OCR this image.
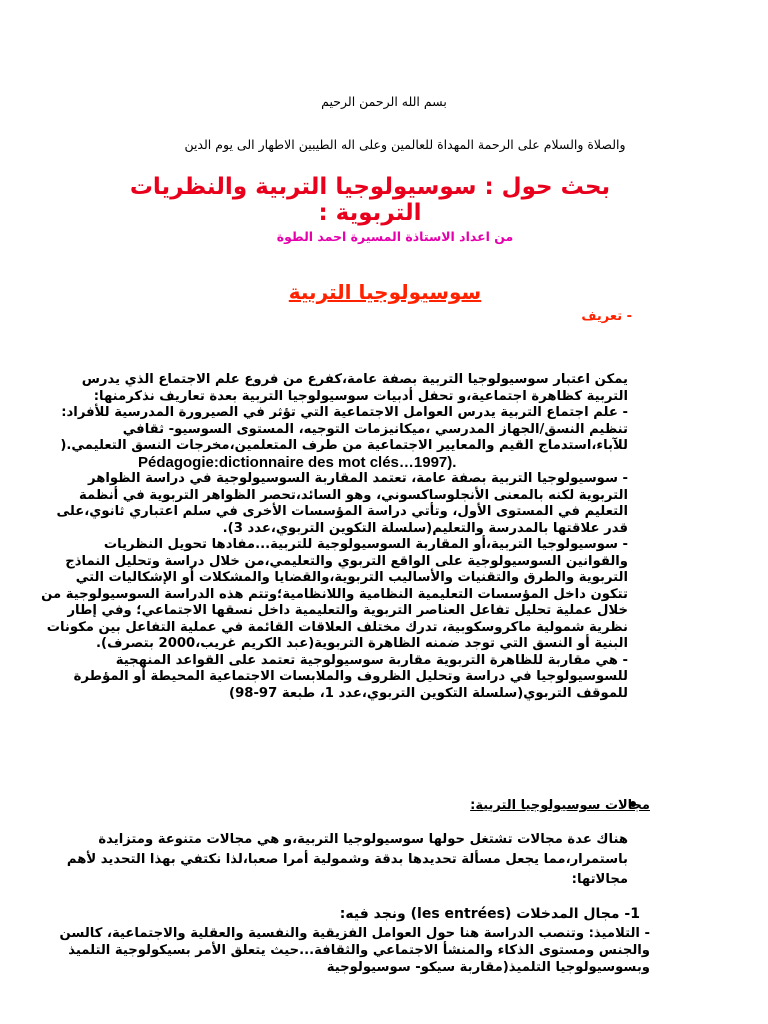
بسم الله الرحمن الرحيم
والصلاة والسلام على الرحمة المهداة للعالمين وعلى اله الطيبين الاطهار الى يوم الدين
بحث حول : سوسيولوجيا التربية والنظريات التربوية :
من اعداد الاستاذة المسيرة احمد الطوة
سوسيولوجيا التربية
- تعريف
يمكن اعتبار سوسيولوجيا التربية بصفة عامة،كفرع من فروع علم الاجتماع الذي يدرس
التربية كظاهرة اجتماعية،و تحفل أدبيات سوسيولوجيا التربية بعدة تعاريف نذكرمنها:
- علم اجتماع التربية يدرس العوامل الاجتماعية التي تؤثر في الصيرورة المدرسية للأفراد:
تنظيم النسق/الجهاز المدرسي ،ميكانيزمات التوجيه، المستوى السوسيو- ثقافي
للآباء،استدماج القيم والمعايير الاجتماعية من طرف المتعلمين،مخرجات النسق التعليمي.(
Pédagogie:dictionnaire des mot clés…1997).
- سوسيولوجيا التربية بصفة عامة، تعتمد المقاربة السوسيولوجية في دراسة الظواهر
التربوية لكنه بالمعنى الأنجلوساكسوني، وهو السائد،تحصر الظواهر التربوية في أنظمة
التعليم في المستوى الأول، وتأتي دراسة المؤسسات الأخرى في سلم اعتباري ثانوي،على
قدر علاقتها بالمدرسة والتعليم(سلسلة التكوين التربوي،عدد 3).
- سوسيولوجيا التربية،أو المقاربة السوسيولوجية للتربية...مفادها تحويل النظريات
والقوانين السوسيولوجية على الواقع التربوي والتعليمي،من خلال دراسة وتحليل النماذج
التربوية والطرق والتقنيات والأساليب التربوية،والقضايا والمشكلات أو الإشكاليات التي
تتكون داخل المؤسسات التعليمية النظامية واللانظامية؛وتتم هذه الدراسة السوسيولوجية من
خلال عملية تحليل تفاعل العناصر التربوية والتعليمية داخل نسقها الاجتماعي؛ وفي إطار
نظرية شمولية ماكروسكوبية، تدرك مختلف العلاقات القائمة في عملية التفاعل بين مكونات
البنية أو النسق التي توجد ضمنه الظاهرة التربوية(عبد الكريم غريب،2000 بتصرف).
- هي مقاربة للظاهرة التربوية مقاربة سوسيولوجية تعتمد على القواعد المنهجية
للسوسيولوجيا في دراسة وتحليل الظروف والملابسات الاجتماعية المحيطة أو المؤطرة
للموقف التربوي(سلسلة التكوين التربوي،عدد 1، طبعة 97-98)
مجالات سوسيولوجيا التربية:
هناك عدة مجالات تشتغل حولها سوسيولوجيا التربية،و هي مجالات متنوعة ومتزايدة
باستمرار،مما يجعل مسألة تحديدها بدقة وشمولية أمرا صعبا،لذا نكتفي بهذا التحديد لأهم
مجالاتها:
1- مجال المدخلات (les entrées) ونجد فيه:
- التلاميذ: وتنصب الدراسة هنا حول العوامل الفزيقية والنفسية والعقلية والاجتماعية، كالسن
والجنس ومستوى الذكاء والمنشأ الاجتماعي والثقافة...حيث يتعلق الأمر بسيكولوجية التلميذ
وبسوسيولوجيا التلميذ(مقاربة سيكو- سوسيولوجية
